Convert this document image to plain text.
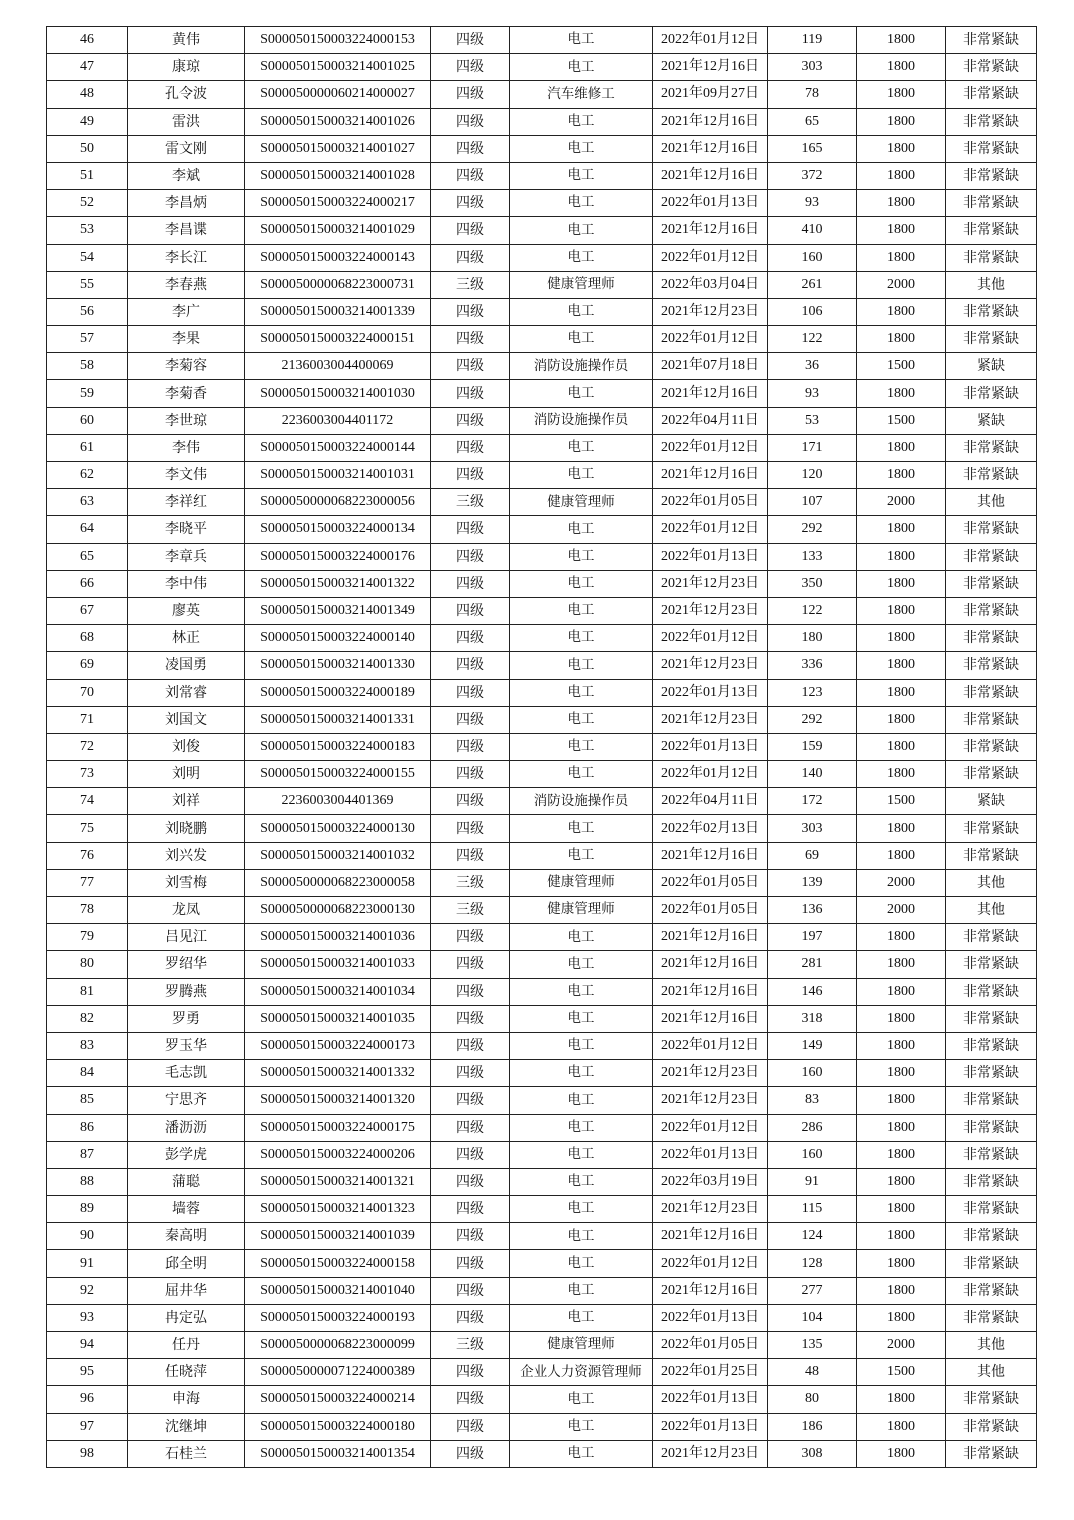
46	黄伟	S000050150003224000153	四级	电工	2022年01月12日	119	1800	非常紧缺
47	康琼	S000050150003214001025	四级	电工	2021年12月16日	303	1800	非常紧缺
48	孔令波	S000050000060214000027	四级	汽车维修工	2021年09月27日	78	1800	非常紧缺
49	雷洪	S000050150003214001026	四级	电工	2021年12月16日	65	1800	非常紧缺
50	雷文刚	S000050150003214001027	四级	电工	2021年12月16日	165	1800	非常紧缺
51	李斌	S000050150003214001028	四级	电工	2021年12月16日	372	1800	非常紧缺
52	李昌炳	S000050150003224000217	四级	电工	2022年01月13日	93	1800	非常紧缺
53	李昌谍	S000050150003214001029	四级	电工	2021年12月16日	410	1800	非常紧缺
54	李长江	S000050150003224000143	四级	电工	2022年01月12日	160	1800	非常紧缺
55	李春燕	S000050000068223000731	三级	健康管理师	2022年03月04日	261	2000	其他
56	李广	S000050150003214001339	四级	电工	2021年12月23日	106	1800	非常紧缺
57	李果	S000050150003224000151	四级	电工	2022年01月12日	122	1800	非常紧缺
58	李菊容	2136003004400069	四级	消防设施操作员	2021年07月18日	36	1500	紧缺
59	李菊香	S000050150003214001030	四级	电工	2021年12月16日	93	1800	非常紧缺
60	李世琼	2236003004401172	四级	消防设施操作员	2022年04月11日	53	1500	紧缺
61	李伟	S000050150003224000144	四级	电工	2022年01月12日	171	1800	非常紧缺
62	李文伟	S000050150003214001031	四级	电工	2021年12月16日	120	1800	非常紧缺
63	李祥红	S000050000068223000056	三级	健康管理师	2022年01月05日	107	2000	其他
64	李晓平	S000050150003224000134	四级	电工	2022年01月12日	292	1800	非常紧缺
65	李章兵	S000050150003224000176	四级	电工	2022年01月13日	133	1800	非常紧缺
66	李中伟	S000050150003214001322	四级	电工	2021年12月23日	350	1800	非常紧缺
67	廖英	S000050150003214001349	四级	电工	2021年12月23日	122	1800	非常紧缺
68	林正	S000050150003224000140	四级	电工	2022年01月12日	180	1800	非常紧缺
69	凌国勇	S000050150003214001330	四级	电工	2021年12月23日	336	1800	非常紧缺
70	刘常睿	S000050150003224000189	四级	电工	2022年01月13日	123	1800	非常紧缺
71	刘国文	S000050150003214001331	四级	电工	2021年12月23日	292	1800	非常紧缺
72	刘俊	S000050150003224000183	四级	电工	2022年01月13日	159	1800	非常紧缺
73	刘明	S000050150003224000155	四级	电工	2022年01月12日	140	1800	非常紧缺
74	刘祥	2236003004401369	四级	消防设施操作员	2022年04月11日	172	1500	紧缺
75	刘晓鹏	S000050150003224000130	四级	电工	2022年02月13日	303	1800	非常紧缺
76	刘兴发	S000050150003214001032	四级	电工	2021年12月16日	69	1800	非常紧缺
77	刘雪梅	S000050000068223000058	三级	健康管理师	2022年01月05日	139	2000	其他
78	龙凤	S000050000068223000130	三级	健康管理师	2022年01月05日	136	2000	其他
79	吕见江	S000050150003214001036	四级	电工	2021年12月16日	197	1800	非常紧缺
80	罗绍华	S000050150003214001033	四级	电工	2021年12月16日	281	1800	非常紧缺
81	罗腾燕	S000050150003214001034	四级	电工	2021年12月16日	146	1800	非常紧缺
82	罗勇	S000050150003214001035	四级	电工	2021年12月16日	318	1800	非常紧缺
83	罗玉华	S000050150003224000173	四级	电工	2022年01月12日	149	1800	非常紧缺
84	毛志凯	S000050150003214001332	四级	电工	2021年12月23日	160	1800	非常紧缺
85	宁思齐	S000050150003214001320	四级	电工	2021年12月23日	83	1800	非常紧缺
86	潘沥沥	S000050150003224000175	四级	电工	2022年01月12日	286	1800	非常紧缺
87	彭学虎	S000050150003224000206	四级	电工	2022年01月13日	160	1800	非常紧缺
88	蒲聪	S000050150003214001321	四级	电工	2022年03月19日	91	1800	非常紧缺
89	墙蓉	S000050150003214001323	四级	电工	2021年12月23日	115	1800	非常紧缺
90	秦高明	S000050150003214001039	四级	电工	2021年12月16日	124	1800	非常紧缺
91	邱全明	S000050150003224000158	四级	电工	2022年01月12日	128	1800	非常紧缺
92	屈井华	S000050150003214001040	四级	电工	2021年12月16日	277	1800	非常紧缺
93	冉定弘	S000050150003224000193	四级	电工	2022年01月13日	104	1800	非常紧缺
94	任丹	S000050000068223000099	三级	健康管理师	2022年01月05日	135	2000	其他
95	任晓萍	S000050000071224000389	四级	企业人力资源管理师	2022年01月25日	48	1500	其他
96	申海	S000050150003224000214	四级	电工	2022年01月13日	80	1800	非常紧缺
97	沈继坤	S000050150003224000180	四级	电工	2022年01月13日	186	1800	非常紧缺
98	石桂兰	S000050150003214001354	四级	电工	2021年12月23日	308	1800	非常紧缺
